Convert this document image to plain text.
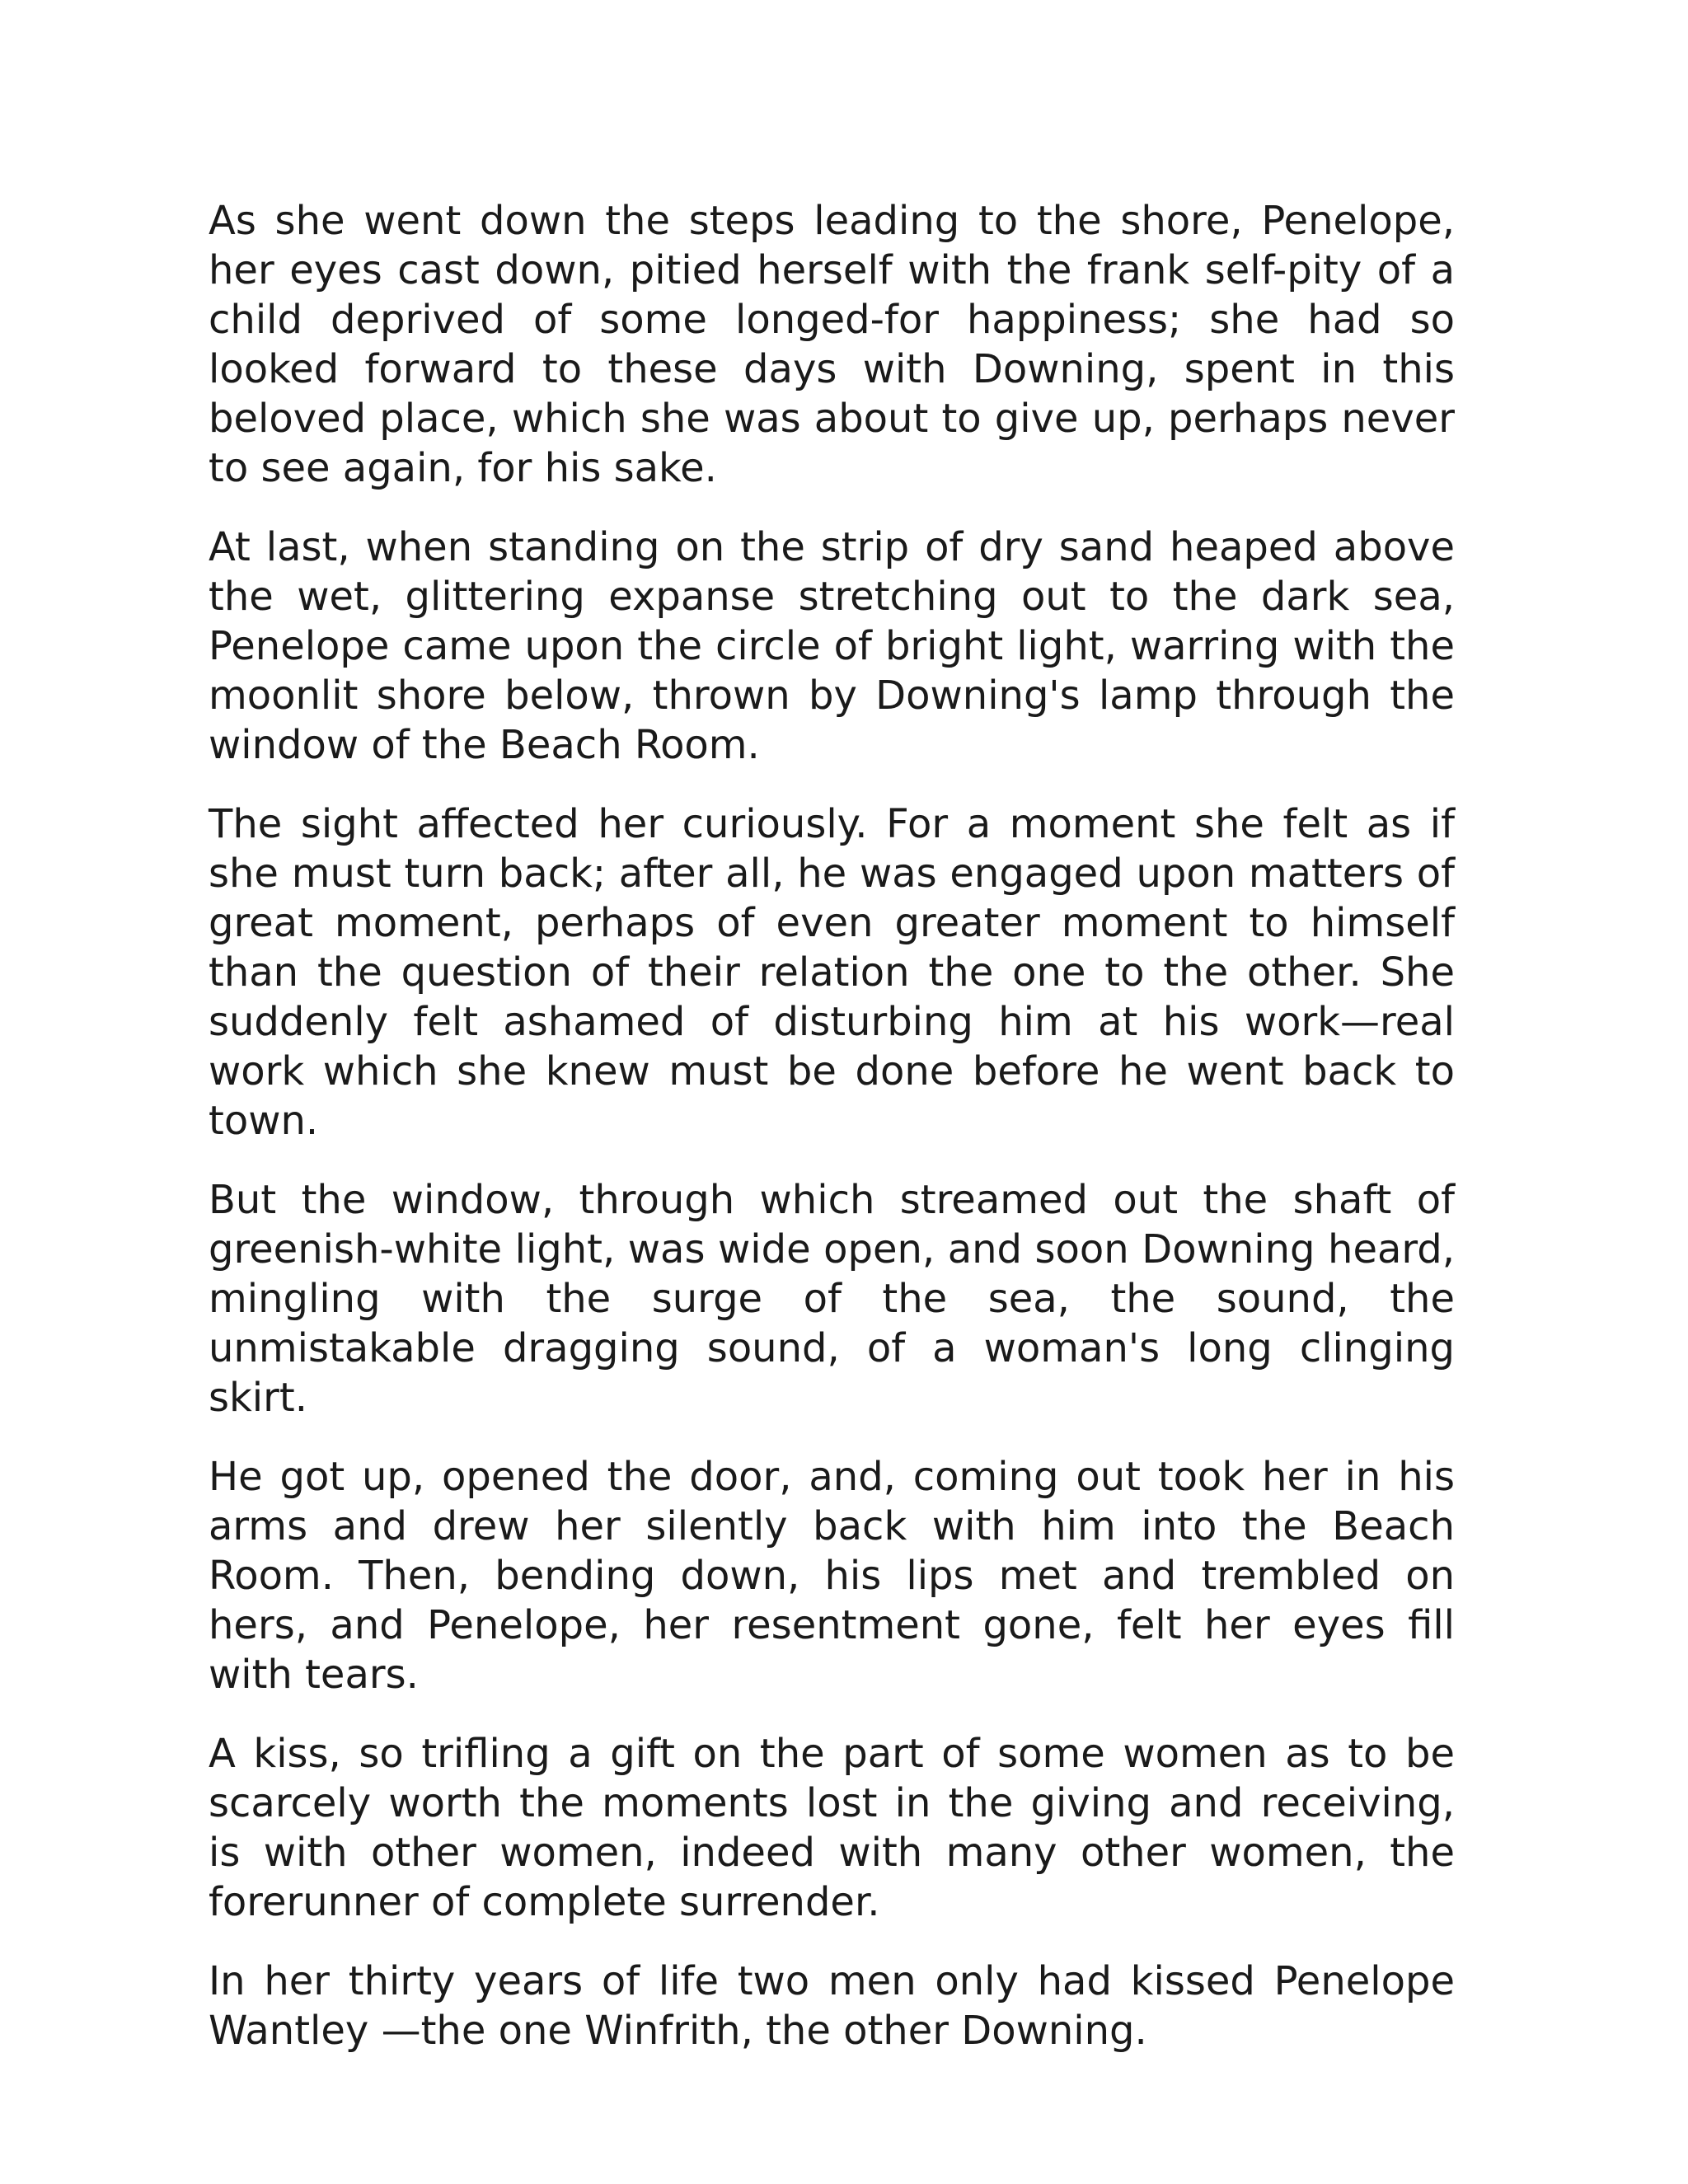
As she went down the steps leading to the shore, Penelope, her eyes cast down, pitied herself with the frank self-pity of a child deprived of some longed-for happiness; she had so looked forward to these days with Downing, spent in this beloved place, which she was about to give up, perhaps never to see again, for his sake.

At last, when standing on the strip of dry sand heaped above the wet, glittering expanse stretching out to the dark sea, Penelope came upon the circle of bright light, warring with the moonlit shore below, thrown by Downing's lamp through the window of the Beach Room.

The sight affected her curiously. For a moment she felt as if she must turn back; after all, he was engaged upon matters of great moment, perhaps of even greater moment to himself than the question of their relation the one to the other. She suddenly felt ashamed of disturbing him at his work—real work which she knew must be done before he went back to town.

But the window, through which streamed out the shaft of greenish-white light, was wide open, and soon Downing heard, mingling with the surge of the sea, the sound, the unmistakable dragging sound, of a woman's long clinging skirt.

He got up, opened the door, and, coming out took her in his arms and drew her silently back with him into the Beach Room. Then, bending down, his lips met and trembled on hers, and Penelope, her resentment gone, felt her eyes fill with tears.

A kiss, so trifling a gift on the part of some women as to be scarcely worth the moments lost in the giving and receiving, is with other women, indeed with many other women, the forerunner of complete surrender.

In her thirty years of life two men only had kissed Penelope Wantley —the one Winfrith, the other Downing.
